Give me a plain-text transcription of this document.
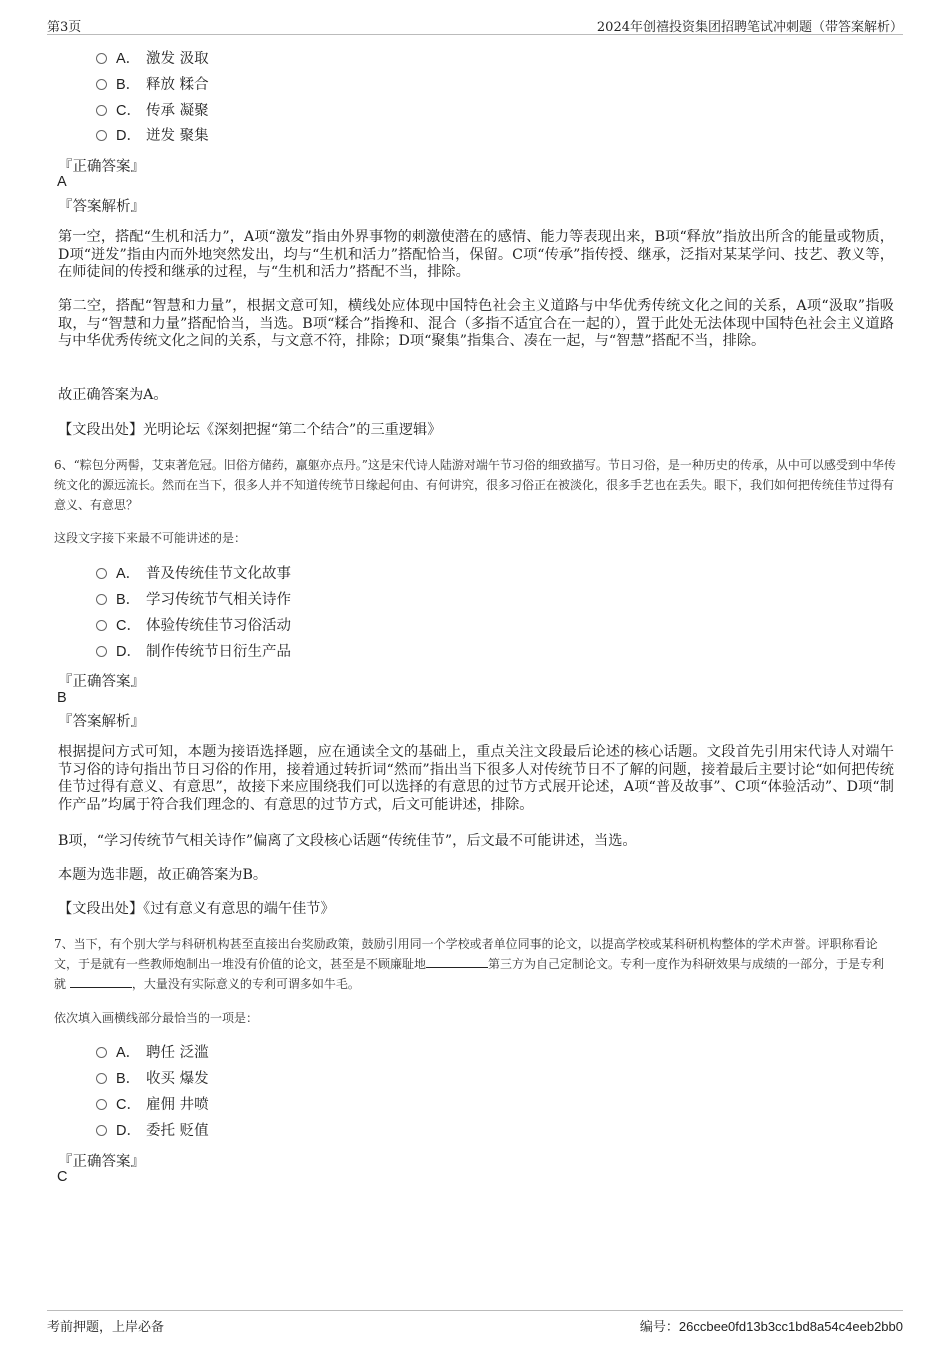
第3页	2024年创禧投资集团招聘笔试冲刺题（带答案解析）
A． 激发 汲取
B． 释放 糅合
C． 传承 凝聚
D． 迸发 聚集
『正确答案』
A
『答案解析』
第一空，搭配“生机和活力”，A项“激发”指由外界事物的刺激使潜在的感情、能力等表现出来，B项“释放”指放出所含的能量或物质，D项“迸发”指由内而外地突然发出，均与“生机和活力”搭配恰当，保留。C项“传承”指传授、继承，泛指对某某学问、技艺、教义等，在师徒间的传授和继承的过程，与“生机和活力”搭配不当，排除。
第二空，搭配“智慧和力量”，根据文意可知，横线处应体现中国特色社会主义道路与中华优秀传统文化之间的关系，A项“汲取”指吸取，与“智慧和力量”搭配恰当，当选。B项“糅合”指搀和、混合（多指不适宜合在一起的），置于此处无法体现中国特色社会主义道路与中华优秀传统文化之间的关系，与文意不符，排除；D项“聚集”指集合、凑在一起，与“智慧”搭配不当，排除。
故正确答案为A。
【文段出处】光明论坛《深刻把握“第二个结合”的三重逻辑》
6、“粽包分两髻，艾束著危冠。旧俗方储药，羸躯亦点丹。”这是宋代诗人陆游对端午节习俗的细致描写。节日习俗，是一种历史的传承，从中可以感受到中华传统文化的源远流长。然而在当下，很多人并不知道传统节日缘起何由、有何讲究，很多习俗正在被淡化，很多手艺也在丢失。眼下，我们如何把传统佳节过得有意义、有意思？
这段文字接下来最不可能讲述的是：
A． 普及传统佳节文化故事
B． 学习传统节气相关诗作
C． 体验传统佳节习俗活动
D． 制作传统节日衍生产品
『正确答案』
B
『答案解析』
根据提问方式可知，本题为接语选择题，应在通读全文的基础上，重点关注文段最后论述的核心话题。文段首先引用宋代诗人对端午节习俗的诗句指出节日习俗的作用，接着通过转折词“然而”指出当下很多人对传统节日不了解的问题，接着最后主要讨论“如何把传统佳节过得有意义、有意思”，故接下来应围绕我们可以选择的有意思的过节方式展开论述，A项“普及故事”、C项“体验活动”、D项“制作产品”均属于符合我们理念的、有意思的过节方式，后文可能讲述，排除。
B项，“学习传统节气相关诗作”偏离了文段核心话题“传统佳节”，后文最不可能讲述，当选。
本题为选非题，故正确答案为B。
【文段出处】《过有意义有意思的端午佳节》
7、当下，有个别大学与科研机构甚至直接出台奖励政策，鼓励引用同一个学校或者单位同事的论文，以提高学校或某科研机构整体的学术声誉。评职称看论文，于是就有一些教师炮制出一堆没有价值的论文，甚至是不顾廉耻地	第三方为自己定制论文。专利一度作为科研效果与成绩的一部分，于是专利就	，大量没有实际意义的专利可谓多如牛毛。
依次填入画横线部分最恰当的一项是：
A． 聘任 泛滥
B． 收买 爆发
C． 雇佣 井喷
D． 委托 贬值
『正确答案』
C
考前押题，上岸必备	编号：26ccbee0fd13b3cc1bd8a54c4eeb2bb0
